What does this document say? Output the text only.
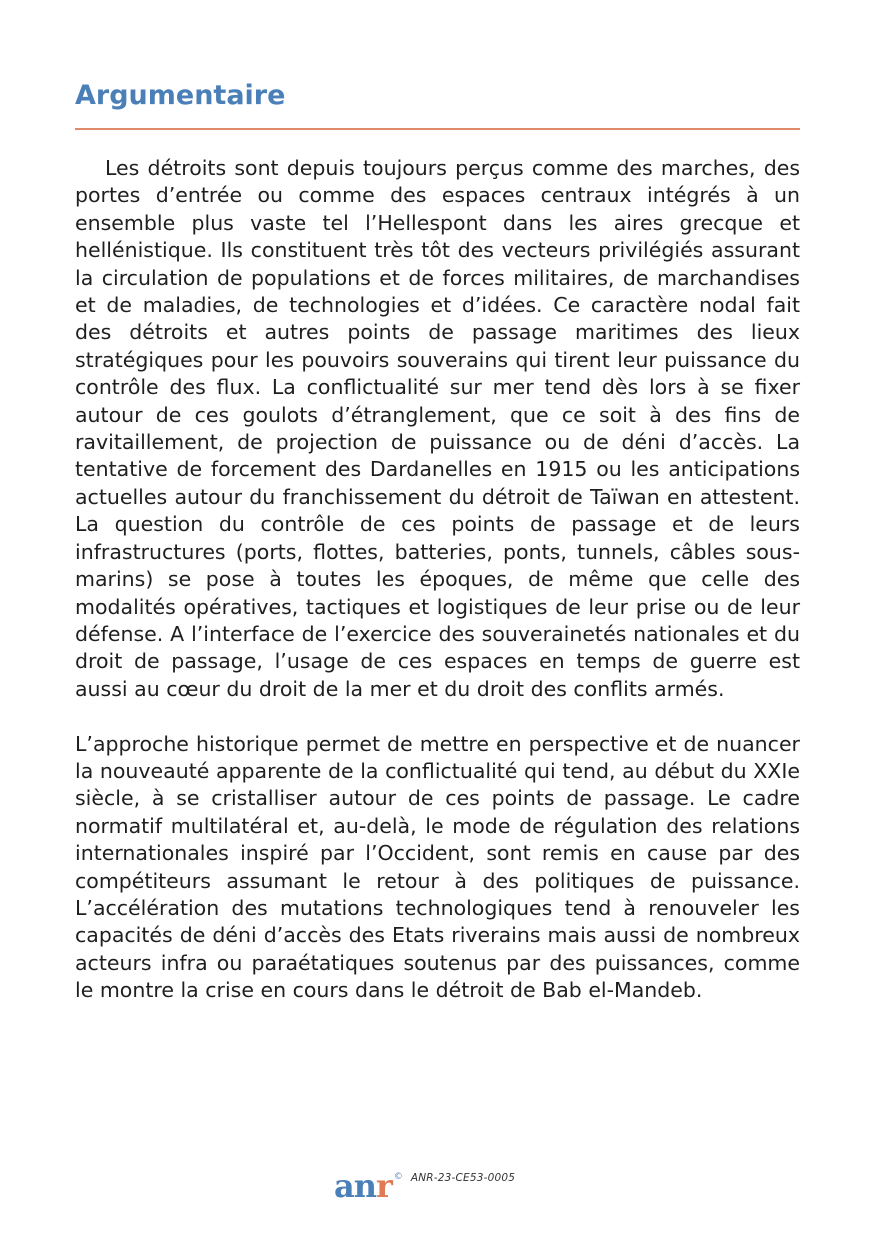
Argumentaire

Les détroits sont depuis toujours perçus comme des marches, des portes d’entrée ou comme des espaces centraux intégrés à un ensemble plus vaste tel l’Hellespont dans les aires grecque et hellénistique. Ils constituent très tôt des vecteurs privilégiés assurant la circulation de populations et de forces militaires, de marchandises et de maladies, de technologies et d’idées. Ce caractère nodal fait des détroits et autres points de passage maritimes des lieux stratégiques pour les pouvoirs souverains qui tirent leur puissance du contrôle des flux. La conflictualité sur mer tend dès lors à se fixer autour de ces goulots d’étranglement, que ce soit à des fins de ravitaillement, de projection de puissance ou de déni d’accès. La tentative de forcement des Dardanelles en 1915 ou les anticipations actuelles autour du franchissement du détroit de Taïwan en attestent. La question du contrôle de ces points de passage et de leurs infrastructures (ports, flottes, batteries, ponts, tunnels, câbles sous-marins) se pose à toutes les époques, de même que celle des modalités opératives, tactiques et logistiques de leur prise ou de leur défense. A l’interface de l’exercice des souverainetés nationales et du droit de passage, l’usage de ces espaces en temps de guerre est aussi au cœur du droit de la mer et du droit des conflits armés.

L’approche historique permet de mettre en perspective et de nuancer la nouveauté apparente de la conflictualité qui tend, au début du XXIe siècle, à se cristalliser autour de ces points de passage. Le cadre normatif multilatéral et, au-delà, le mode de régulation des relations internationales inspiré par l’Occident, sont remis en cause par des compétiteurs assumant le retour à des politiques de puissance. L’accélération des mutations technologiques tend à renouveler les capacités de déni d’accès des Etats riverains mais aussi de nombreux acteurs infra ou paraétatiques soutenus par des puissances, comme le montre la crise en cours dans le détroit de Bab el-Mandeb.

anr © ANR-23-CE53-0005
